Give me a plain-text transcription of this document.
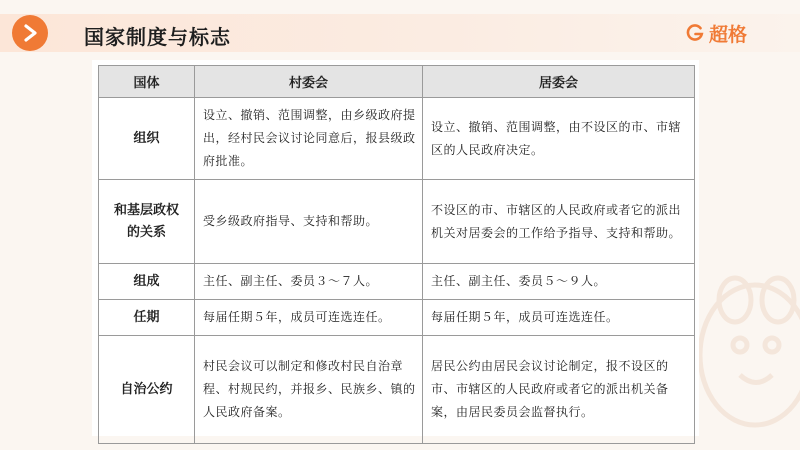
国家制度与标志	超格
国体	村委会	居委会
组织	设立、撤销、范围调整，由乡级政府提出，经村民会议讨论同意后，报县级政府批准。	设立、撤销、范围调整，由不设区的市、市辖区的人民政府决定。
和基层政权的关系	受乡级政府指导、支持和帮助。	不设区的市、市辖区的人民政府或者它的派出机关对居委会的工作给予指导、支持和帮助。
组成	主任、副主任、委员３～７人。	主任、副主任、委员５～９人。
任期	每届任期５年，成员可连选连任。	每届任期５年，成员可连选连任。
自治公约	村民会议可以制定和修改村民自治章程、村规民约，并报乡、民族乡、镇的人民政府备案。	居民公约由居民会议讨论制定，报不设区的市、市辖区的人民政府或者它的派出机关备案，由居民委员会监督执行。
